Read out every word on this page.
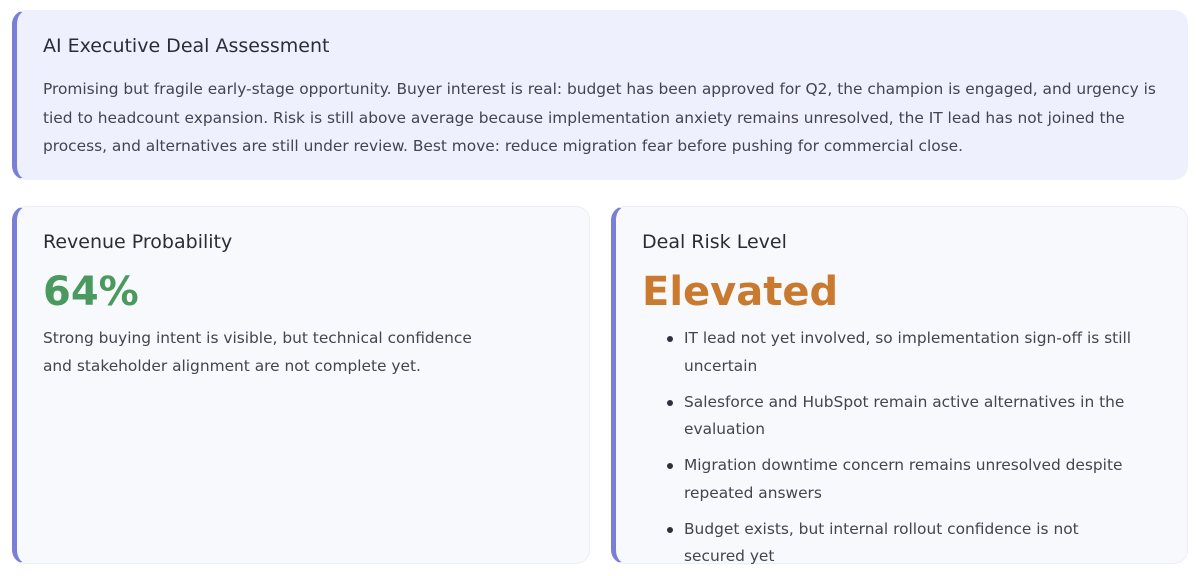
AI Executive Deal Assessment

Promising but fragile early-stage opportunity. Buyer interest is real: budget has been approved for Q2, the champion is engaged, and urgency is tied to headcount expansion. Risk is still above average because implementation anxiety remains unresolved, the IT lead has not joined the process, and alternatives are still under review. Best move: reduce migration fear before pushing for commercial close.

Revenue Probability
64%

Strong buying intent is visible, but technical confidence and stakeholder alignment are not complete yet.

Deal Risk Level
Elevated
IT lead not yet involved, so implementation sign-off is still uncertain
Salesforce and HubSpot remain active alternatives in the evaluation
Migration downtime concern remains unresolved despite repeated answers
Budget exists, but internal rollout confidence is not secured yet
